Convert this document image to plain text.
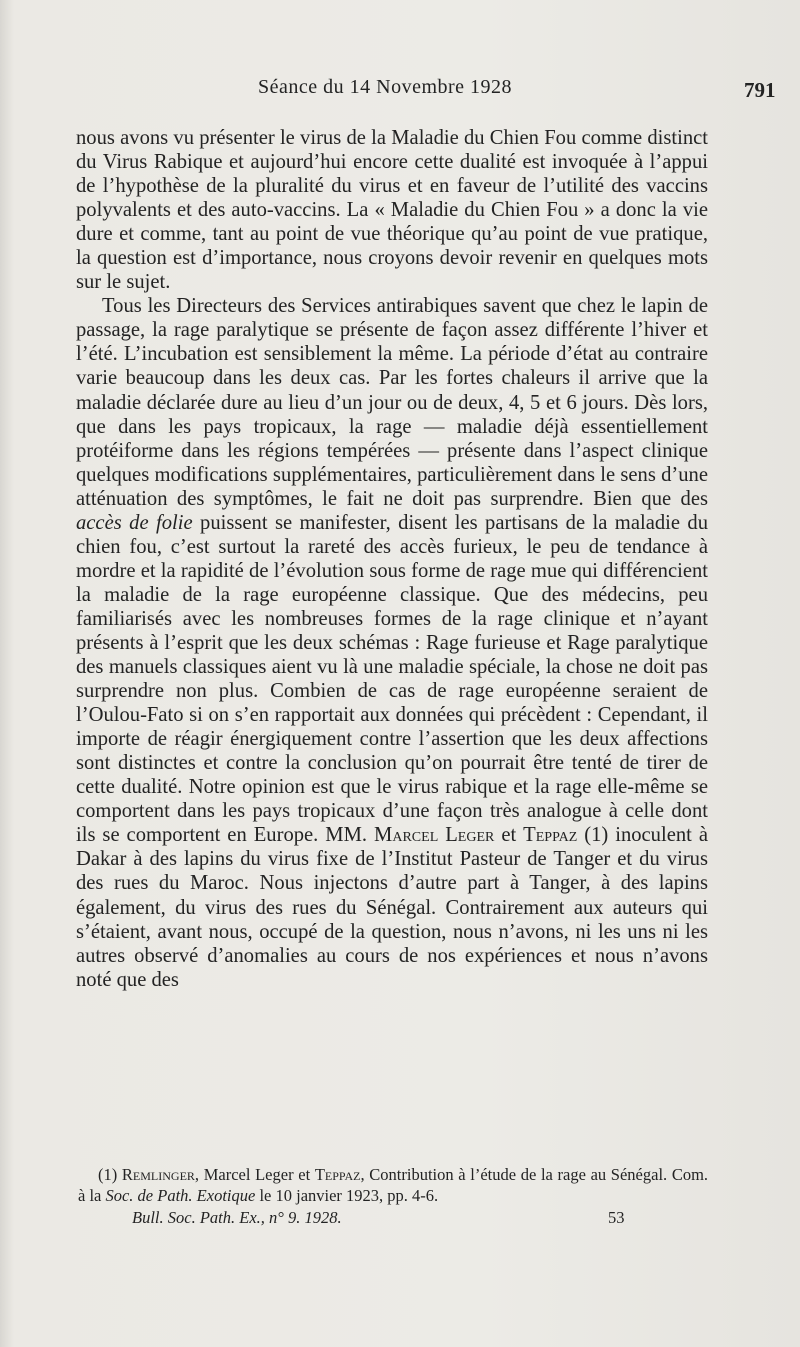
Séance du 14 Novembre 1928	791

nous avons vu présenter le virus de la Maladie du Chien Fou comme distinct du Virus Rabique et aujourd’hui encore cette dualité est invoquée à l’appui de l’hypothèse de la pluralité du virus et en faveur de l’utilité des vaccins polyvalents et des auto-vaccins. La « Maladie du Chien Fou » a donc la vie dure et comme, tant au point de vue théorique qu’au point de vue pratique, la question est d’importance, nous croyons devoir revenir en quelques mots sur le sujet.

Tous les Directeurs des Services antirabiques savent que chez le lapin de passage, la rage paralytique se présente de façon assez différente l’hiver et l’été. L’incubation est sensiblement la même. La période d’état au contraire varie beaucoup dans les deux cas. Par les fortes chaleurs il arrive que la maladie déclarée dure au lieu d’un jour ou de deux, 4, 5 et 6 jours. Dès lors, que dans les pays tropicaux, la rage — maladie déjà essentiellement protéiforme dans les régions tempérées — présente dans l’aspect clinique quelques modifications supplémentaires, particulièrement dans le sens d’une atténuation des symptômes, le fait ne doit pas surprendre. Bien que des accès de folie puissent se manifester, disent les partisans de la maladie du chien fou, c’est surtout la rareté des accès furieux, le peu de tendance à mordre et la rapidité de l’évolution sous forme de rage mue qui différencient la maladie de la rage européenne classique. Que des médecins, peu familiarisés avec les nombreuses formes de la rage clinique et n’ayant présents à l’esprit que les deux schémas : Rage furieuse et Rage paralytique des manuels classiques aient vu là une maladie spéciale, la chose ne doit pas surprendre non plus. Combien de cas de rage européenne seraient de l’Oulou-Fato si on s’en rapportait aux données qui précèdent : Cependant, il importe de réagir énergiquement contre l’assertion que les deux affections sont distinctes et contre la conclusion qu’on pourrait être tenté de tirer de cette dualité. Notre opinion est que le virus rabique et la rage elle-même se comportent dans les pays tropicaux d’une façon très analogue à celle dont ils se comportent en Europe. MM. Marcel Leger et Teppaz (1) inoculent à Dakar à des lapins du virus fixe de l’Institut Pasteur de Tanger et du virus des rues du Maroc. Nous injectons d’autre part à Tanger, à des lapins également, du virus des rues du Sénégal. Contrairement aux auteurs qui s’étaient, avant nous, occupé de la question, nous n’avons, ni les uns ni les autres observé d’anomalies au cours de nos expériences et nous n’avons noté que des

(1) Remlinger, Marcel Leger et Teppaz, Contribution à l’étude de la rage au Sénégal. Com. à la Soc. de Path. Exotique le 10 janvier 1923, pp. 4-6.

Bull. Soc. Path. Ex., n° 9. 1928.	53
